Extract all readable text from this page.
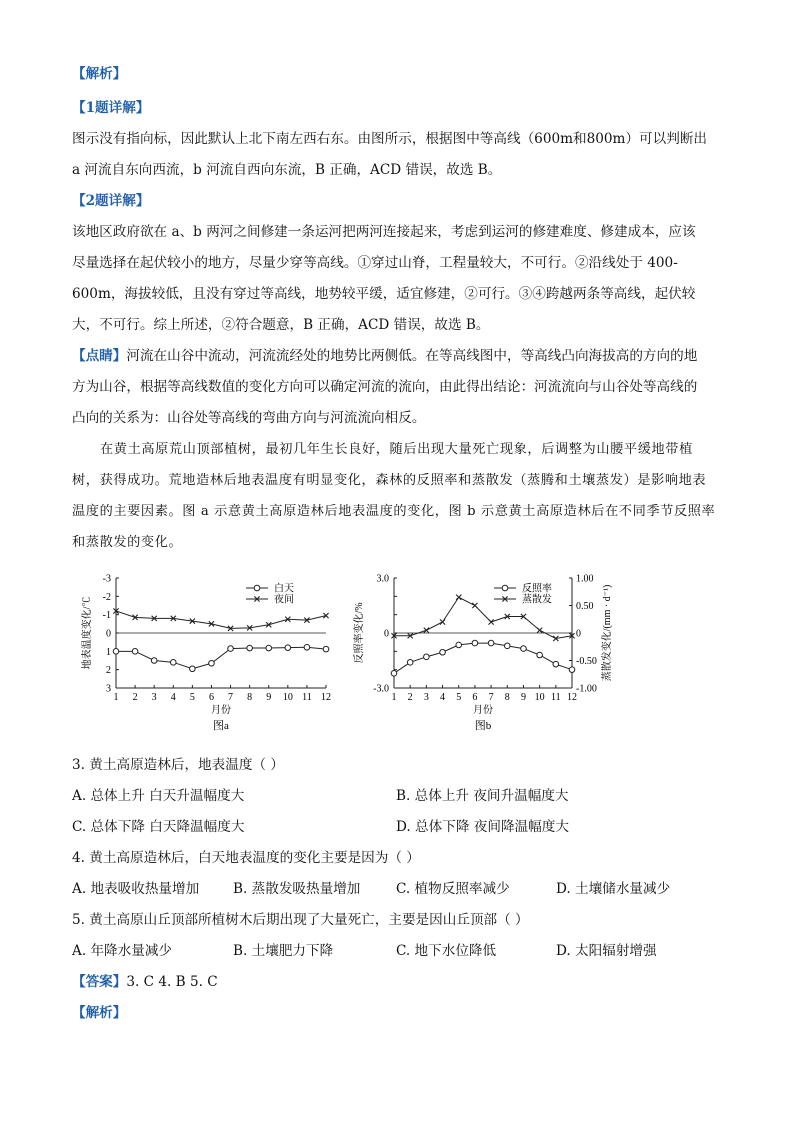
【解析】
【1题详解】
图示没有指向标，因此默认上北下南左西右东。由图所示，根据图中等高线（600m和800m）可以判断出
a 河流自东向西流，b 河流自西向东流，B 正确，ACD 错误，故选 B。
【2题详解】
该地区政府欲在 a、b 两河之间修建一条运河把两河连接起来，考虑到运河的修建难度、修建成本，应该
尽量选择在起伏较小的地方，尽量少穿等高线。①穿过山脊，工程量较大，不可行。②沿线处于 400-
600m，海拔较低，且没有穿过等高线，地势较平缓，适宜修建，②可行。③④跨越两条等高线，起伏较
大，不可行。综上所述，②符合题意，B 正确，ACD 错误，故选 B。
【点睛】河流在山谷中流动，河流流经处的地势比两侧低。在等高线图中，等高线凸向海拔高的方向的地
方为山谷，根据等高线数值的变化方向可以确定河流的流向，由此得出结论：河流流向与山谷处等高线的
凸向的关系为：山谷处等高线的弯曲方向与河流流向相反。
在黄土高原荒山顶部植树，最初几年生长良好，随后出现大量死亡现象，后调整为山腰平缓地带植
树，获得成功。荒地造林后地表温度有明显变化，森林的反照率和蒸散发（蒸腾和土壤蒸发）是影响地表
温度的主要因素。图 a 示意黄土高原造林后地表温度的变化，图 b 示意黄土高原造林后在不同季节反照率
和蒸散发的变化。
-3
-2
-1
0
1
2
3
1 2 3 4 5 6 7 8 9 10 11 12
月份
图a
地表温度变化/℃
白天
夜间
3.0
0
-3.0
1.00
0.50
0
-0.50
-1.00
1 2 3 4 5 6 7 8 9 10 11 12
月份
图b
反照率变化/%	蒸散发变化/(mm · d⁻¹)
反照率
蒸散发
3. 黄土高原造林后，地表温度（ ）
A. 总体上升 白天升温幅度大	B. 总体上升 夜间升温幅度大
C. 总体下降 白天降温幅度大	D. 总体下降 夜间降温幅度大
4. 黄土高原造林后，白天地表温度的变化主要是因为（ ）
A. 地表吸收热量增加 B. 蒸散发吸热量增加	C. 植物反照率减少	D. 土壤储水量减少
5. 黄土高原山丘顶部所植树木后期出现了大量死亡，主要是因山丘顶部（ ）
A. 年降水量减少	B. 土壤肥力下降	C. 地下水位降低	D. 太阳辐射增强
【答案】3. C 4. B 5. C
【解析】
